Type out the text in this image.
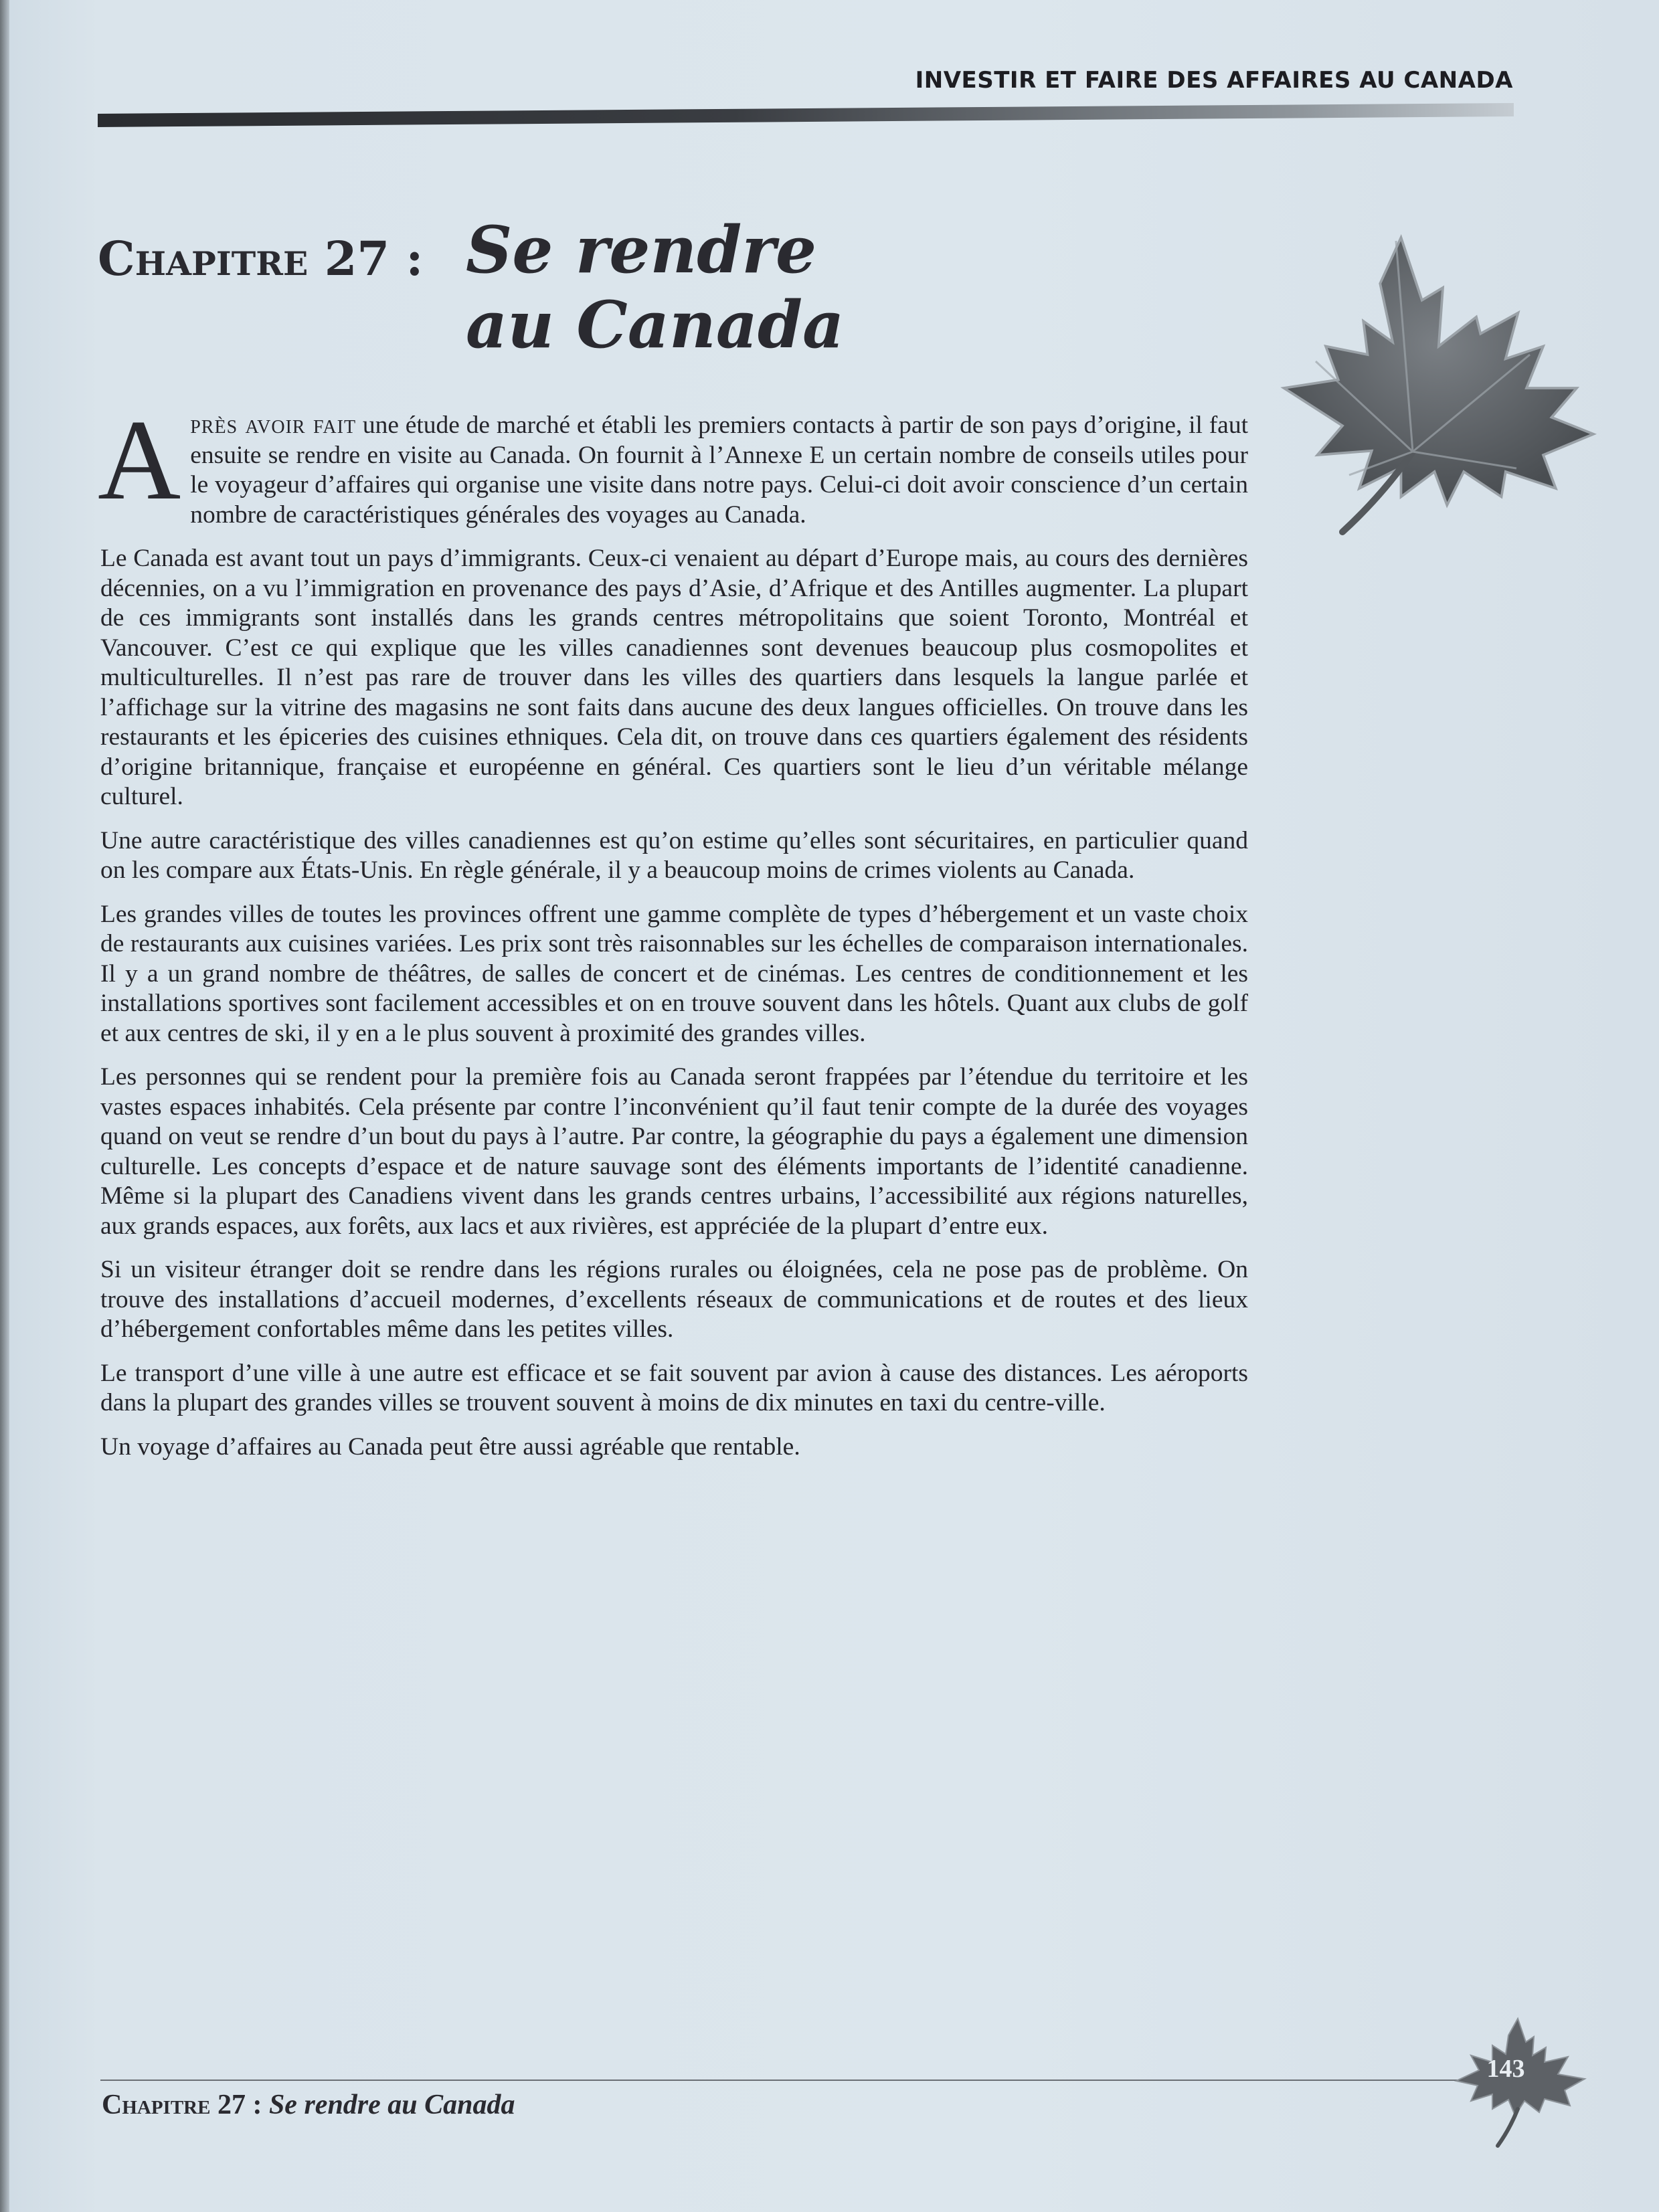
INVESTIR ET FAIRE DES AFFAIRES AU CANADA
Chapitre 27 : Se rendre
au Canada

A près avoir fait une étude de marché et établi les premiers contacts à partir de son pays d’origine, il faut ensuite se rendre en visite au Canada. On fournit à l’Annexe E un certain nombre de conseils utiles pour le voyageur d’affaires qui organise une visite dans notre pays. Celui-ci doit avoir conscience d’un certain nombre de caractéristiques générales des voyages au Canada.

Le Canada est avant tout un pays d’immigrants. Ceux-ci venaient au départ d’Europe mais, au cours des dernières décennies, on a vu l’immigration en provenance des pays d’Asie, d’Afrique et des Antilles augmenter. La plupart de ces immigrants sont installés dans les grands centres métropolitains que soient Toronto, Montréal et Vancouver. C’est ce qui explique que les villes canadiennes sont devenues beaucoup plus cosmopolites et multiculturelles. Il n’est pas rare de trouver dans les villes des quartiers dans lesquels la langue parlée et l’affichage sur la vitrine des magasins ne sont faits dans aucune des deux langues officielles. On trouve dans les restaurants et les épiceries des cuisines ethniques. Cela dit, on trouve dans ces quartiers également des résidents d’origine britannique, française et européenne en général. Ces quartiers sont le lieu d’un véritable mélange culturel.

Une autre caractéristique des villes canadiennes est qu’on estime qu’elles sont sécuritaires, en particulier quand on les compare aux États-Unis. En règle générale, il y a beaucoup moins de crimes violents au Canada.

Les grandes villes de toutes les provinces offrent une gamme complète de types d’hébergement et un vaste choix de restaurants aux cuisines variées. Les prix sont très raisonnables sur les échelles de comparaison internationales. Il y a un grand nombre de théâtres, de salles de concert et de cinémas. Les centres de conditionnement et les installations sportives sont facilement accessibles et on en trouve souvent dans les hôtels. Quant aux clubs de golf et aux centres de ski, il y en a le plus souvent à proximité des grandes villes.

Les personnes qui se rendent pour la première fois au Canada seront frappées par l’étendue du territoire et les vastes espaces inhabités. Cela présente par contre l’inconvénient qu’il faut tenir compte de la durée des voyages quand on veut se rendre d’un bout du pays à l’autre. Par contre, la géographie du pays a également une dimension culturelle. Les concepts d’espace et de nature sauvage sont des éléments importants de l’identité canadienne. Même si la plupart des Canadiens vivent dans les grands centres urbains, l’accessibilité aux régions naturelles, aux grands espaces, aux forêts, aux lacs et aux rivières, est appréciée de la plupart d’entre eux.

Si un visiteur étranger doit se rendre dans les régions rurales ou éloignées, cela ne pose pas de problème. On trouve des installations d’accueil modernes, d’excellents réseaux de communications et de routes et des lieux d’hébergement confortables même dans les petites villes.

Le transport d’une ville à une autre est efficace et se fait souvent par avion à cause des distances. Les aéroports dans la plupart des grandes villes se trouvent souvent à moins de dix minutes en taxi du centre-ville.

Un voyage d’affaires au Canada peut être aussi agréable que rentable.

Chapitre 27 : Se rendre au Canada
143
